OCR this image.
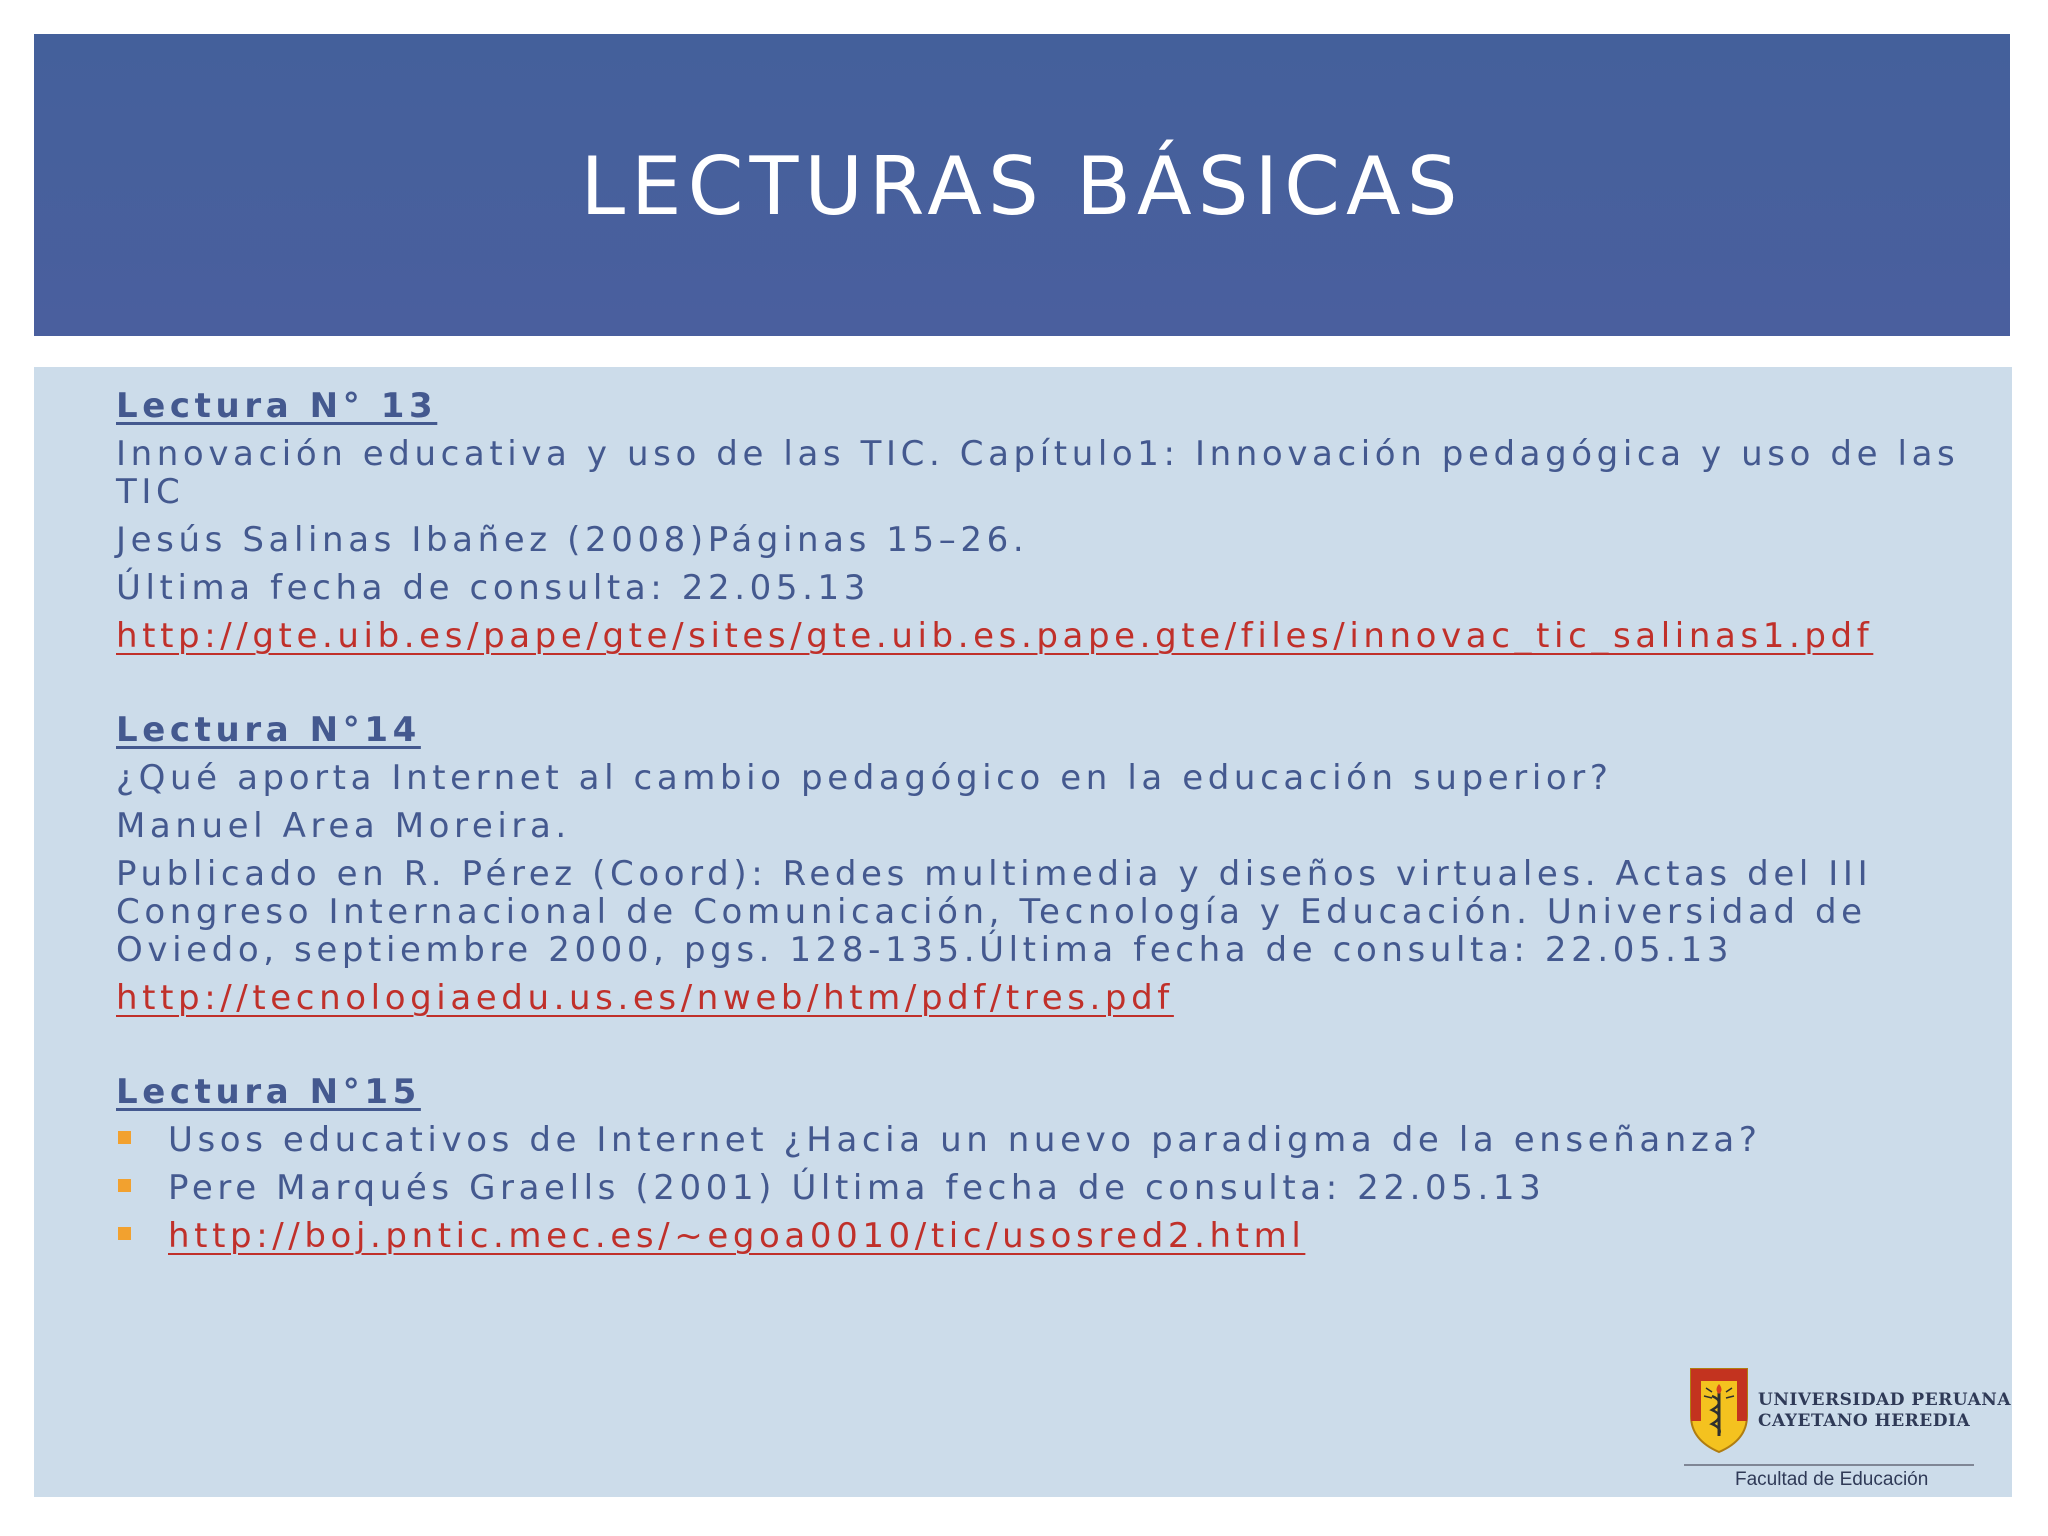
LECTURAS BÁSICAS
Lectura N° 13
Innovación educativa y uso de las TIC. Capítulo1: Innovación pedagógica y uso de las TIC
Jesús Salinas Ibañez (2008)Páginas 15–26.
Última fecha de consulta: 22.05.13
http://gte.uib.es/pape/gte/sites/gte.uib.es.pape.gte/files/innovac_tic_salinas1.pdf
Lectura N°14
¿Qué aporta Internet al cambio pedagógico en la educación superior?
Manuel Area Moreira.
Publicado en R. Pérez (Coord): Redes multimedia y diseños virtuales. Actas del III Congreso Internacional de Comunicación, Tecnología y Educación. Universidad de Oviedo, septiembre 2000, pgs. 128-135.Última fecha de consulta: 22.05.13
http://tecnologiaedu.us.es/nweb/htm/pdf/tres.pdf
Lectura N°15
Usos educativos de Internet ¿Hacia un nuevo paradigma de la enseñanza?
Pere Marqués Graells (2001) Última fecha de consulta: 22.05.13
http://boj.pntic.mec.es/~egoa0010/tic/usosred2.html
UNIVERSIDAD PERUANA
CAYETANO HEREDIA
Facultad de Educación
